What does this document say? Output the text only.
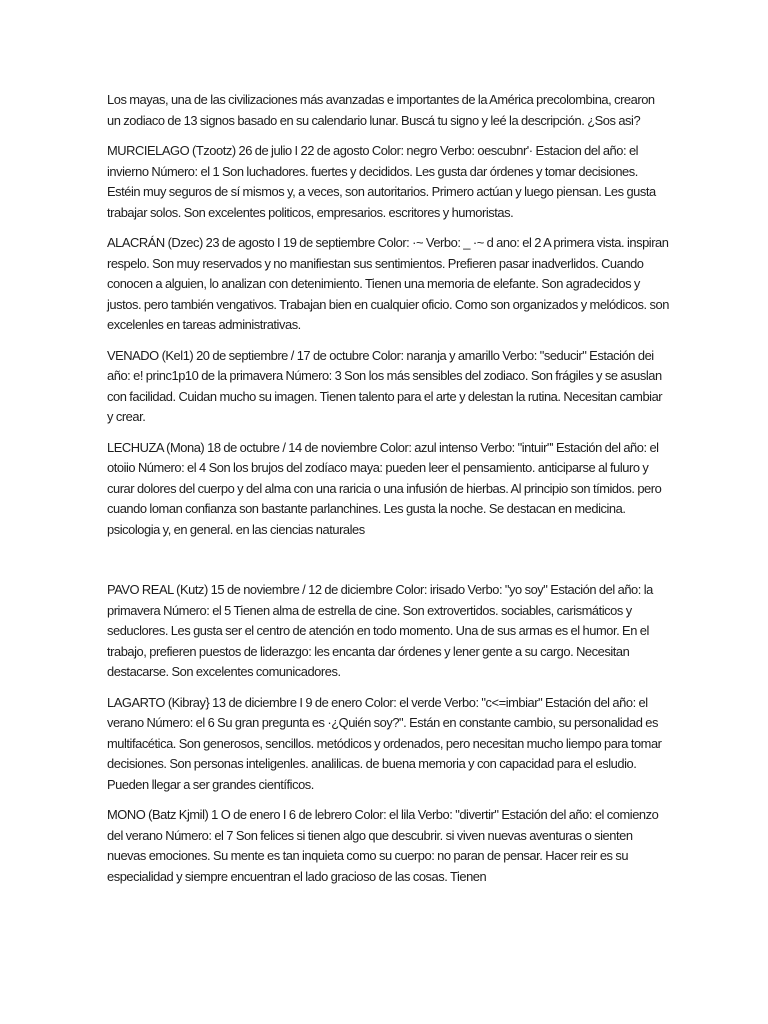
Los mayas, una de las civilizaciones más avanzadas e importantes de la América precolombina, crearon un zodiaco de 13 signos basado en su calendario lunar. Buscá tu signo y leé la descripción. ¿Sos asi?

MURCIELAGO (Tzootz) 26 de julio I 22 de agosto Color: negro Verbo: oescubnr'· Estacion del año: el invierno Número: el 1 Son luchadores. fuertes y decididos. Les gusta dar órdenes y tomar decisiones. Estéin muy seguros de sí mismos y, a veces, son autoritarios. Primero actúan y luego piensan. Les gusta trabajar solos. Son excelentes politicos, empresarios. escritores y humoristas.

ALACRÁN (Dzec) 23 de agosto I 19 de septiembre Color: ·~ Verbo: _ ·~ d ano: el 2 A primera vista. inspiran respelo. Son muy reservados y no manifiestan sus sentimientos. Prefieren pasar inadverlidos. Cuando conocen a alguien, lo analizan con detenimiento. Tienen una memoria de elefante. Son agradecidos y justos. pero también vengativos. Trabajan bien en cualquier oficio. Como son organizados y melódicos. son excelenles en tareas administrativas.

VENADO (Kel1) 20 de septiembre / 17 de octubre Color: naranja y amarillo Verbo: "seducir" Estación dei año: e! princ1p10 de la primavera Número: 3 Son los más sensibles del zodiaco. Son frágiles y se asuslan con facilidad. Cuidan mucho su imagen. Tienen talento para el arte y delestan la rutina. Necesitan cambiar y crear.

LECHUZA (Mona) 18 de octubre / 14 de noviembre Color: azul intenso Verbo: "intuir"' Estación del año: el otoiio Número: el 4 Son los brujos del zodíaco maya: pueden leer el pensamiento. anticiparse al fuluro y curar dolores del cuerpo y del alma con una raricia o una infusión de hierbas. Al principio son tímidos. pero cuando loman confianza son bastante parlanchines. Les gusta la noche. Se destacan en medicina. psicologia y, en general. en las ciencias naturales

PAVO REAL (Kutz) 15 de noviembre / 12 de diciembre Color: irisado Verbo: "yo soy" Estación del año: la primavera Número: el 5 Tienen alma de estrella de cine. Son extrovertidos. sociables, carismáticos y seduclores. Les gusta ser el centro de atención en todo momento. Una de sus armas es el humor. En el trabajo, prefieren puestos de liderazgo: les encanta dar órdenes y lener gente a su cargo. Necesitan destacarse. Son excelentes comunicadores.

LAGARTO (Kibray} 13 de diciembre I 9 de enero Color: el verde Verbo: "c<=imbiar" Estación del año: el verano Número: el 6 Su gran pregunta es ·¿Quién soy?". Están en constante cambio, su personalidad es multifacética. Son generosos, sencillos. metódicos y ordenados, pero necesitan mucho liempo para tomar decisiones. Son personas inteligenles. analilicas. de buena memoria y con capacidad para el esludio. Pueden llegar a ser grandes científicos.

MONO (Batz Kjmil) 1 O de enero I 6 de lebrero Color: el lila Verbo: "divertir" Estación del año: el comienzo del verano Número: el 7 Son felices si tienen algo que descubrir. si viven nuevas aventuras o sienten nuevas emociones. Su mente es tan inquieta como su cuerpo: no paran de pensar. Hacer reir es su especialidad y siempre encuentran el lado gracioso de las cosas. Tienen
